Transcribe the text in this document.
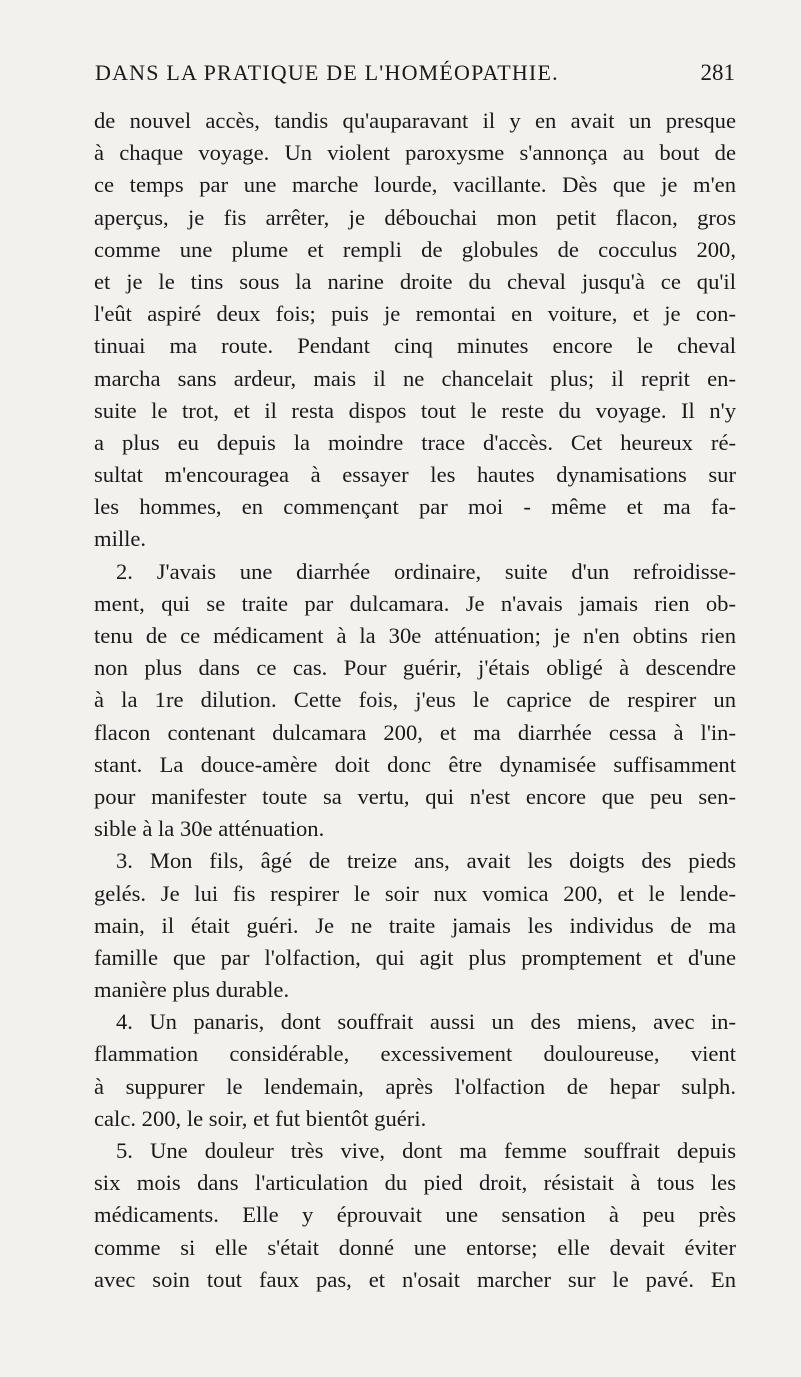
DANS LA PRATIQUE DE L'HOMÉOPATHIE.	281
de nouvel accès, tandis qu'auparavant il y en avait un presque
à chaque voyage. Un violent paroxysme s'annonça au bout de
ce temps par une marche lourde, vacillante. Dès que je m'en
aperçus, je fis arrêter, je débouchai mon petit flacon, gros
comme une plume et rempli de globules de cocculus 200,
et je le tins sous la narine droite du cheval jusqu'à ce qu'il
l'eût aspiré deux fois; puis je remontai en voiture, et je con-
tinuai ma route. Pendant cinq minutes encore le cheval
marcha sans ardeur, mais il ne chancelait plus; il reprit en-
suite le trot, et il resta dispos tout le reste du voyage. Il n'y
a plus eu depuis la moindre trace d'accès. Cet heureux ré-
sultat m'encouragea à essayer les hautes dynamisations sur
les hommes, en commençant par moi - même et ma fa-
mille.
2. J'avais une diarrhée ordinaire, suite d'un refroidisse-
ment, qui se traite par dulcamara. Je n'avais jamais rien ob-
tenu de ce médicament à la 30e atténuation; je n'en obtins rien
non plus dans ce cas. Pour guérir, j'étais obligé à descendre
à la 1re dilution. Cette fois, j'eus le caprice de respirer un
flacon contenant dulcamara 200, et ma diarrhée cessa à l'in-
stant. La douce-amère doit donc être dynamisée suffisamment
pour manifester toute sa vertu, qui n'est encore que peu sen-
sible à la 30e atténuation.
3. Mon fils, âgé de treize ans, avait les doigts des pieds
gelés. Je lui fis respirer le soir nux vomica 200, et le lende-
main, il était guéri. Je ne traite jamais les individus de ma
famille que par l'olfaction, qui agit plus promptement et d'une
manière plus durable.
4. Un panaris, dont souffrait aussi un des miens, avec in-
flammation considérable, excessivement douloureuse, vient
à suppurer le lendemain, après l'olfaction de hepar sulph.
calc. 200, le soir, et fut bientôt guéri.
5. Une douleur très vive, dont ma femme souffrait depuis
six mois dans l'articulation du pied droit, résistait à tous les
médicaments. Elle y éprouvait une sensation à peu près
comme si elle s'était donné une entorse; elle devait éviter
avec soin tout faux pas, et n'osait marcher sur le pavé. En
